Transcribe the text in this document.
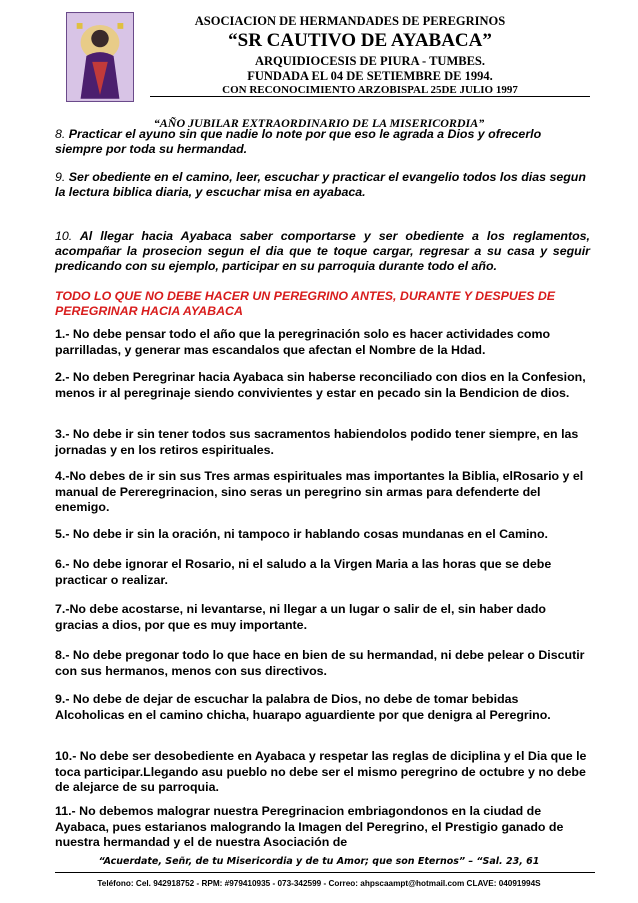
ASOCIACION DE HERMANDADES DE PEREGRINOS
“SR CAUTIVO DE AYABACA”
ARQUIDIOCESIS DE PIURA - TUMBES.
FUNDADA EL 04 DE SETIEMBRE DE 1994.
CON RECONOCIMIENTO ARZOBISPAL 25DE JULIO 1997
“AÑO JUBILAR EXTRAORDINARIO DE LA MISERICORDIA”
8. Practicar el ayuno sin que nadie lo note por que eso le agrada a Dios y ofrecerlo siempre por toda su hermandad.
9. Ser obediente en el camino, leer, escuchar y practicar el evangelio todos los dias segun la lectura biblica diaria, y escuchar misa en ayabaca.
10. Al llegar hacia Ayabaca saber comportarse y ser obediente a los reglamentos, acompañar la prosecion segun el dia que te toque cargar, regresar a su casa y seguir predicando con su ejemplo, participar en su parroquia durante todo el año.
TODO LO QUE NO DEBE HACER UN PEREGRINO ANTES, DURANTE Y DESPUES DE PEREGRINAR HACIA AYABACA
1.- No debe pensar todo el año que la peregrinación solo es hacer actividades como parrilladas, y generar mas escandalos que afectan el Nombre de la Hdad.
2.- No deben Peregrinar hacia Ayabaca sin haberse reconciliado con dios en la Confesion, menos ir al peregrinaje siendo convivientes y estar en pecado sin la Bendicion de dios.
3.- No debe ir sin tener todos sus sacramentos habiendolos podido tener siempre, en las jornadas y en los retiros espirituales.
4.-No debes de ir sin sus Tres armas espirituales mas importantes la Biblia, elRosario y el manual de Pereregrinacion, sino seras un peregrino sin armas para defenderte del enemigo.
5.- No debe ir sin la oración, ni tampoco ir hablando cosas mundanas en el Camino.
6.- No debe ignorar el Rosario, ni el saludo a la Virgen Maria a las horas que se debe practicar o realizar.
7.-No debe acostarse, ni levantarse, ni llegar a un lugar o salir de el, sin haber dado gracias a dios, por que es muy importante.
8.- No debe pregonar todo lo que hace en bien de su hermandad, ni debe pelear o Discutir con sus hermanos, menos con sus directivos.
9.- No debe de dejar de escuchar la palabra de Dios, no debe de tomar bebidas Alcoholicas en el camino chicha, huarapo aguardiente por que denigra al Peregrino.
10.- No debe ser desobediente en Ayabaca y respetar las reglas de diciplina y el Dia que le toca participar.Llegando asu pueblo no debe ser el mismo peregrino de octubre y no debe de alejarce de su parroquia.
11.- No debemos malograr nuestra Peregrinacion embriagondonos en la ciudad de Ayabaca, pues estarianos malogrando la Imagen del Peregrino, el Prestigio ganado de nuestra hermandad y el de nuestra Asociación de
“Acuerdate, Señr, de tu Misericordia y de tu Amor; que son Eternos” – “Sal. 23, 61
Teléfono: Cel. 942918752 - RPM: #979410935 - 073-342599 - Correo: ahpscaampt@hotmail.com CLAVE: 04091994S
